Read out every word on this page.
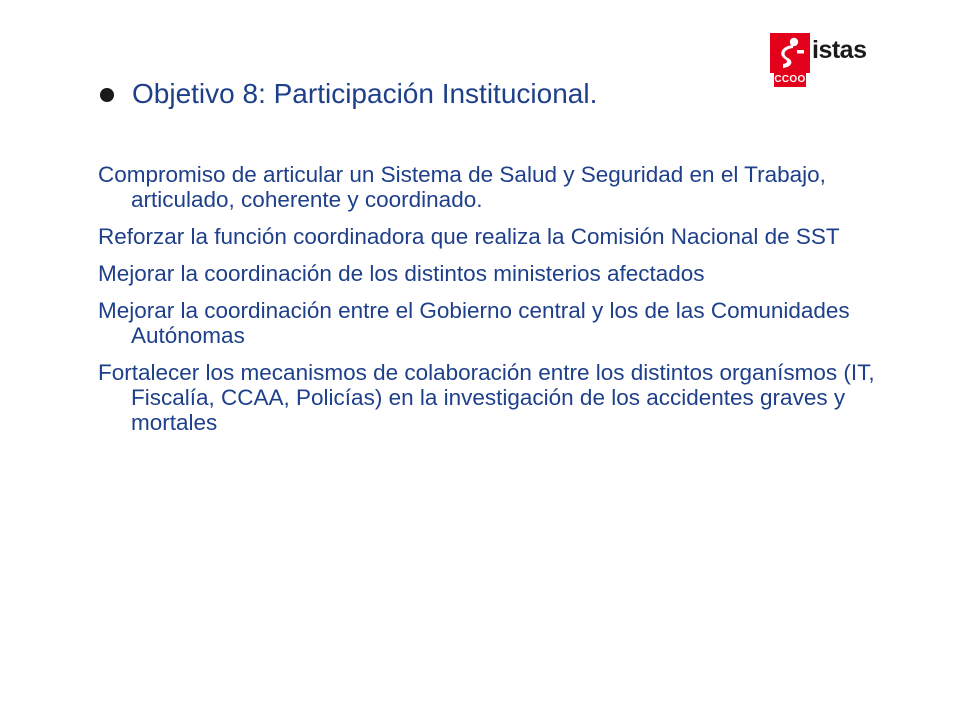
istas
CCOO
Objetivo 8: Participación Institucional.
Compromiso de articular un Sistema de Salud y Seguridad en el Trabajo, articulado, coherente y coordinado.
Reforzar la función coordinadora que realiza la Comisión Nacional de SST
Mejorar la coordinación de los distintos ministerios afectados
Mejorar la coordinación entre el Gobierno central y los de las Comunidades Autónomas
Fortalecer los mecanismos de colaboración entre los distintos organísmos (IT, Fiscalía, CCAA, Policías) en la investigación de los accidentes graves y mortales
